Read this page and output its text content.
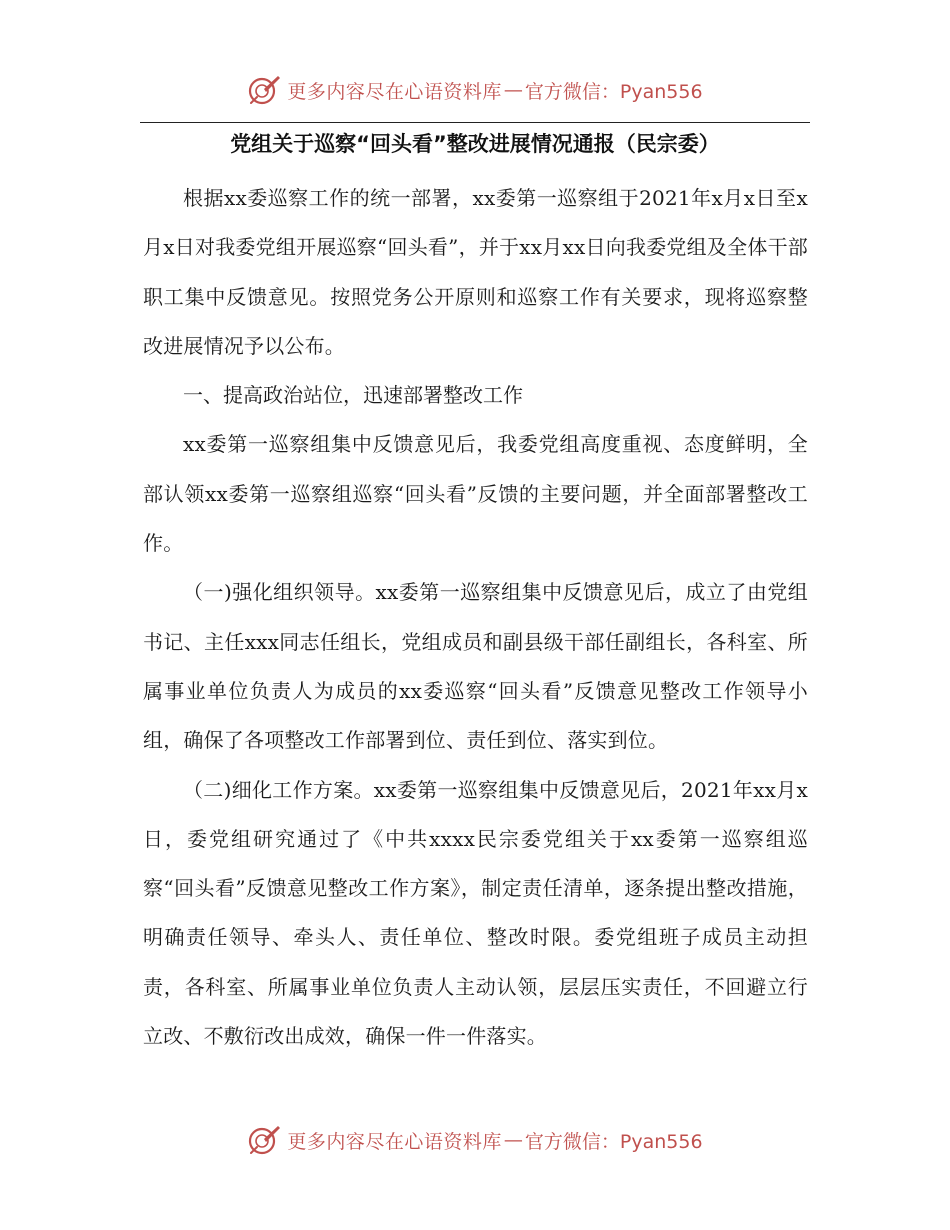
更多内容尽在心语资料库 — 官方微信：Pyan556
党组关于巡察“回头看”整改进展情况通报（民宗委）

根据xx委巡察工作的统一部署，xx委第一巡察组于2021年x月x日至x月x日对我委党组开展巡察“回头看”，并于xx月xx日向我委党组及全体干部职工集中反馈意见。按照党务公开原则和巡察工作有关要求，现将巡察整改进展情况予以公布。

一、提高政治站位，迅速部署整改工作

xx委第一巡察组集中反馈意见后，我委党组高度重视、态度鲜明，全部认领xx委第一巡察组巡察“回头看”反馈的主要问题，并全面部署整改工作。

（一)强化组织领导。xx委第一巡察组集中反馈意见后，成立了由党组书记、主任xxx同志任组长，党组成员和副县级干部任副组长，各科室、所属事业单位负责人为成员的xx委巡察“回头看”反馈意见整改工作领导小组，确保了各项整改工作部署到位、责任到位、落实到位。

（二)细化工作方案。xx委第一巡察组集中反馈意见后，2021年xx月x日，委党组研究通过了《中共xxxx民宗委党组关于xx委第一巡察组巡察“回头看”反馈意见整改工作方案》，制定责任清单，逐条提出整改措施，明确责任领导、牵头人、责任单位、整改时限。委党组班子成员主动担责，各科室、所属事业单位负责人主动认领，层层压实责任，不回避立行立改、不敷衍改出成效，确保一件一件落实。

更多内容尽在心语资料库 — 官方微信：Pyan556
